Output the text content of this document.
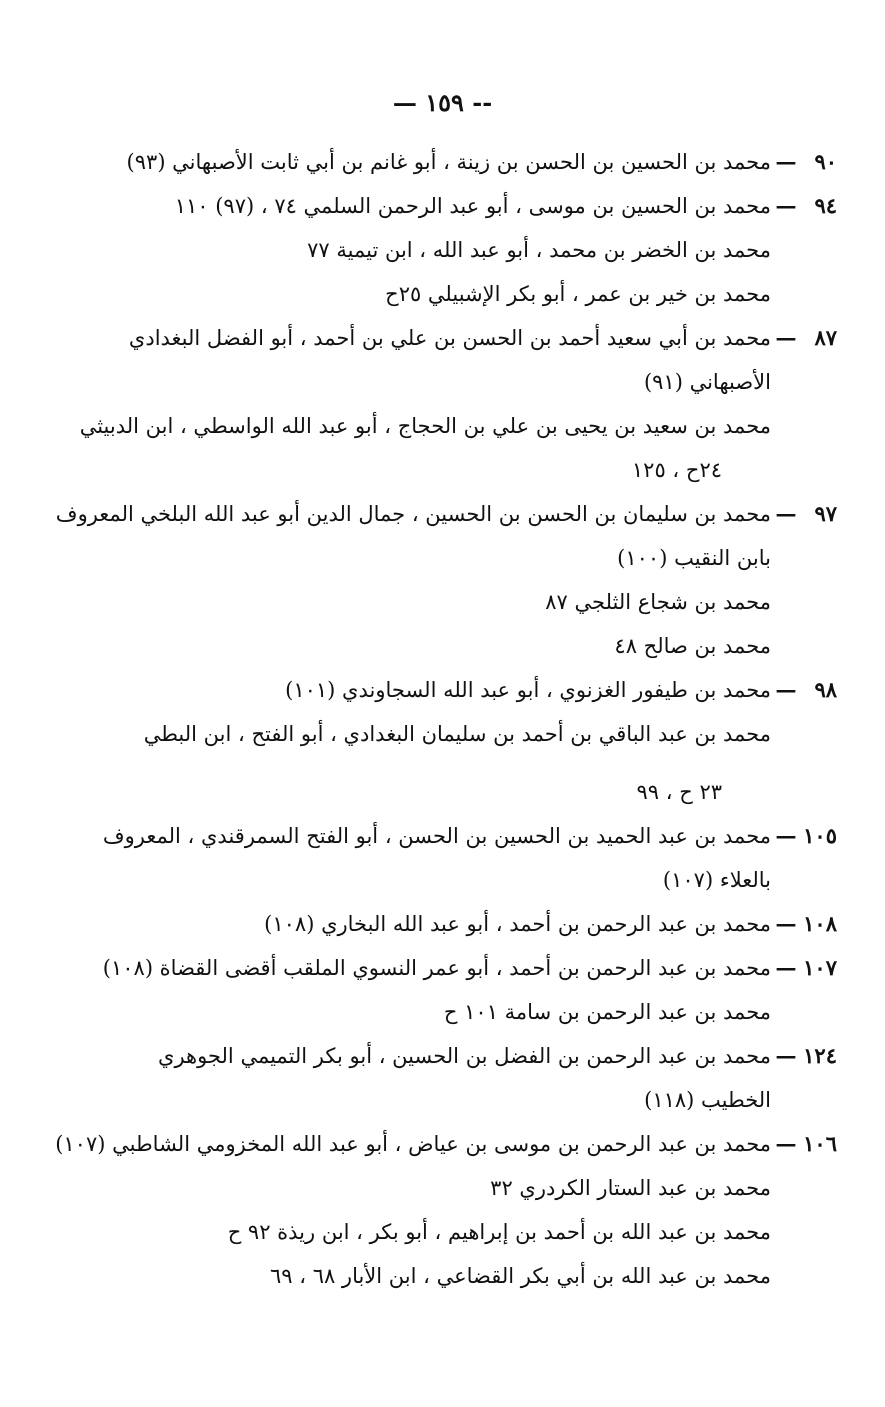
— ١٥٩ --
٩٠—محمد بن الحسين بن الحسن بن زينة ، أبو غانم بن أبي ثابت الأصبهاني (٩٣)
٩٤—محمد بن الحسين بن موسى ، أبو عبد الرحمن السلمي ٧٤ ، (٩٧) ١١٠
محمد بن الخضر بن محمد ، أبو عبد الله ، ابن تيمية ٧٧
محمد بن خير بن عمر ، أبو بكر الإشبيلي ٢٥ح
٨٧—محمد بن أبي سعيد أحمد بن الحسن بن علي بن أحمد ، أبو الفضل البغدادي
الأصبهاني (٩١)
محمد بن سعيد بن يحيى بن علي بن الحجاج ، أبو عبد الله الواسطي ، ابن الدبيثي
٢٤ح ، ١٢٥
٩٧—محمد بن سليمان بن الحسن بن الحسين ، جمال الدين أبو عبد الله البلخي المعروف
بابن النقيب (١٠٠)
محمد بن شجاع الثلجي ٨٧
محمد بن صالح ٤٨
٩٨—محمد بن طيفور الغزنوي ، أبو عبد الله السجاوندي (١٠١)
محمد بن عبد الباقي بن أحمد بن سليمان البغدادي ، أبو الفتح ، ابن البطي
٢٣ ح ، ٩٩
١٠٥—محمد بن عبد الحميد بن الحسين بن الحسن ، أبو الفتح السمرقندي ، المعروف
بالعلاء (١٠٧)
١٠٨—محمد بن عبد الرحمن بن أحمد ، أبو عبد الله البخاري (١٠٨)
١٠٧—محمد بن عبد الرحمن بن أحمد ، أبو عمر النسوي الملقب أقضى القضاة (١٠٨)
محمد بن عبد الرحمن بن سامة ١٠١ ح
١٢٤—محمد بن عبد الرحمن بن الفضل بن الحسين ، أبو بكر التميمي الجوهري
الخطيب (١١٨)
١٠٦—محمد بن عبد الرحمن بن موسى بن عياض ، أبو عبد الله المخزومي الشاطبي (١٠٧)
محمد بن عبد الستار الكردري ٣٢
محمد بن عبد الله بن أحمد بن إبراهيم ، أبو بكر ، ابن ريذة ٩٢ ح
محمد بن عبد الله بن أبي بكر القضاعي ، ابن الأبار ٦٨ ، ٦٩
